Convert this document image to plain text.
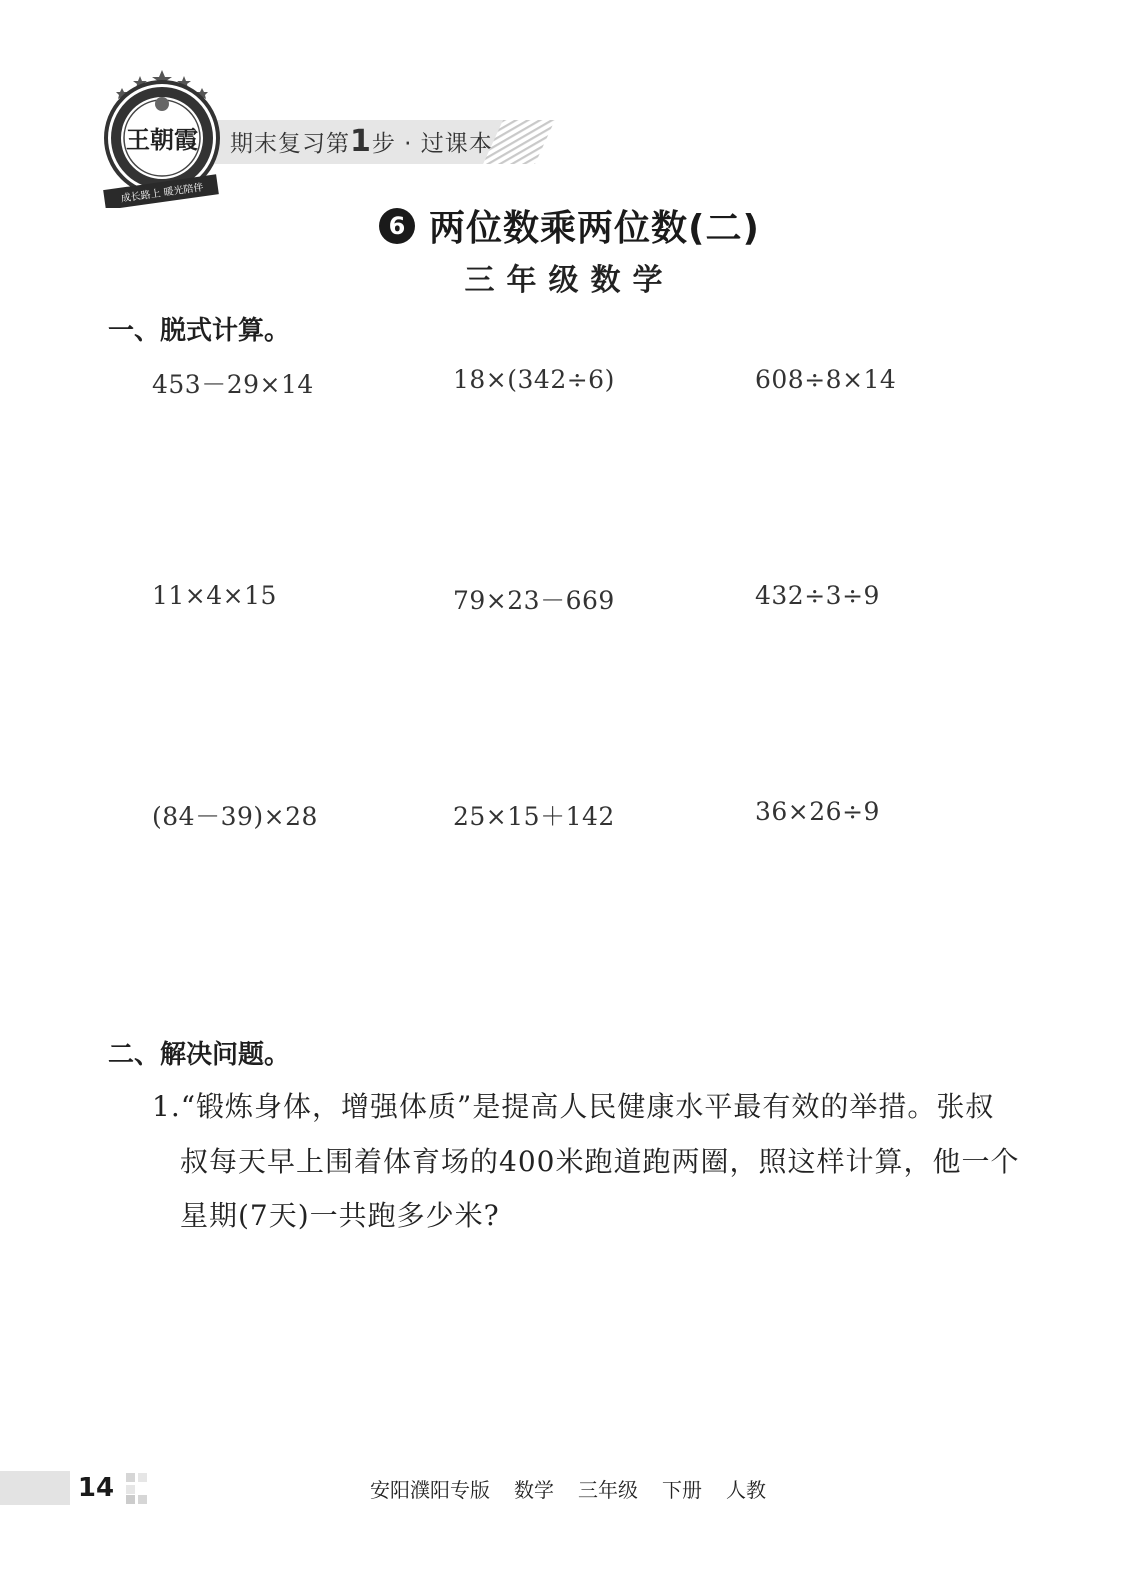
期末复习第1步 · 过课本
王朝霞
成长路上 暖光陪伴
6 两位数乘两位数(二)
三年级数学
一、脱式计算。
453－29×14	18×(342÷6)	608÷8×14
11×4×15	79×23－669	432÷3÷9
(84－39)×28	25×15＋142	36×26÷9
二、解决问题。
1.“锻炼身体，增强体质”是提高人民健康水平最有效的举措。张叔
叔每天早上围着体育场的400米跑道跑两圈，照这样计算，他一个
星期(7天)一共跑多少米?
14	安阳濮阳专版 数学 三年级 下册 人教
